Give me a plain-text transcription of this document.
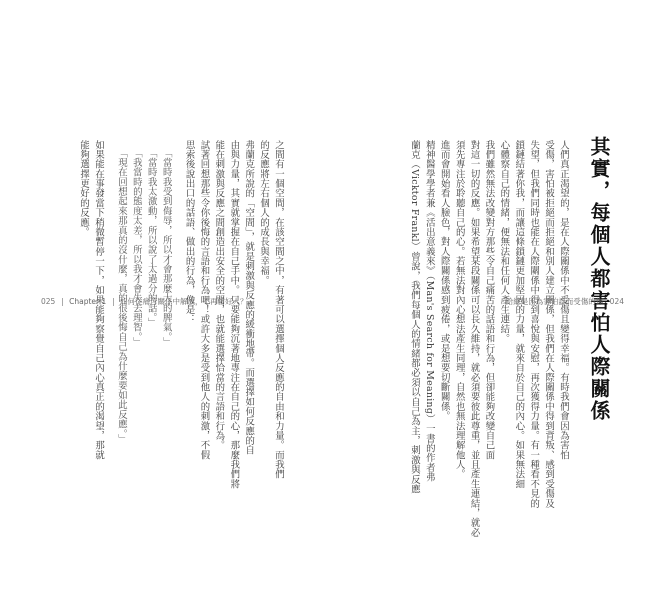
其實，每個人都害怕人際關係
人們真正渴望的，是在人際關係中不受傷且變得幸福。有時我們會因為害怕
受傷，害怕被拒絕而拒絕和別人建立關係，但我們在人際關係中得到背叛、感到受傷及
失望，但我們同時也能在人際關係中得到喜悅與安慰，再次獲得力量。有一種看不見的
鎖鏈結著你我，而讓這條鎖鏈更加堅固的力量，就來自於自己的內心。如果無法細
心體察自己的情緒，便無法和任何人產生連結。
我們雖然無法改變對方那些令自己痛苦的話語和行為，但卻能夠改變自己面
對這一切的反應。如果希望某段關係可以長久維持，就必須要彼此尊重，並且產生連結，就必
須先專注於聆聽自己的心。若無法對內心想法產生同理，自然也無法理解他人。
進而會開始看人臉色，對人際關係感到疲倦，或是想要切斷關係。
精神醫學學者兼《活出意義來》（Man's Search for Meaning）一書的作者弗
蘭克（Vicktor Frankl）曾說，我們每個人的情緒都必須以自己為主，刺激與反應	給總是因為害怕認而受傷的你 024
之間有一個空間，在該空間之中，有著可以選擇個人反應的自由和力量。而我們
的反應將左右個人的成長與幸福。
弗蘭克所說的「空間」，就是刺激與反應的緩衝地帶。而選擇如何反應的自
由與力量，其實就掌握在自己手中。只要能夠沉著地專注在自己的心，那麼我們將
能在刺激與反應之間創造出安全的空間，也就能選擇恰當的言語和行為。
試著回想那些令你後悔的言語和行為吧！或許大多是受到他人的刺激，不假
思索後說出口的話語、做出的行為，像是：
「當時我受到侮辱，所以才會那麼大的脾氣。」
「當時我太激動，所以說了太過分的話。」
「我當時的態度太差，所以我才會失去理智。」
「現在回想起來那真的沒什麼，真的很後悔自己為什麼要如此反應。」
如果能在事發當下稍微暫停一下，如果能夠察覺自己內心真正的渴望，那就
能夠選擇更好的反應。
025 Chapter 1 如何從痛苦關係中解放，不再當好人？
